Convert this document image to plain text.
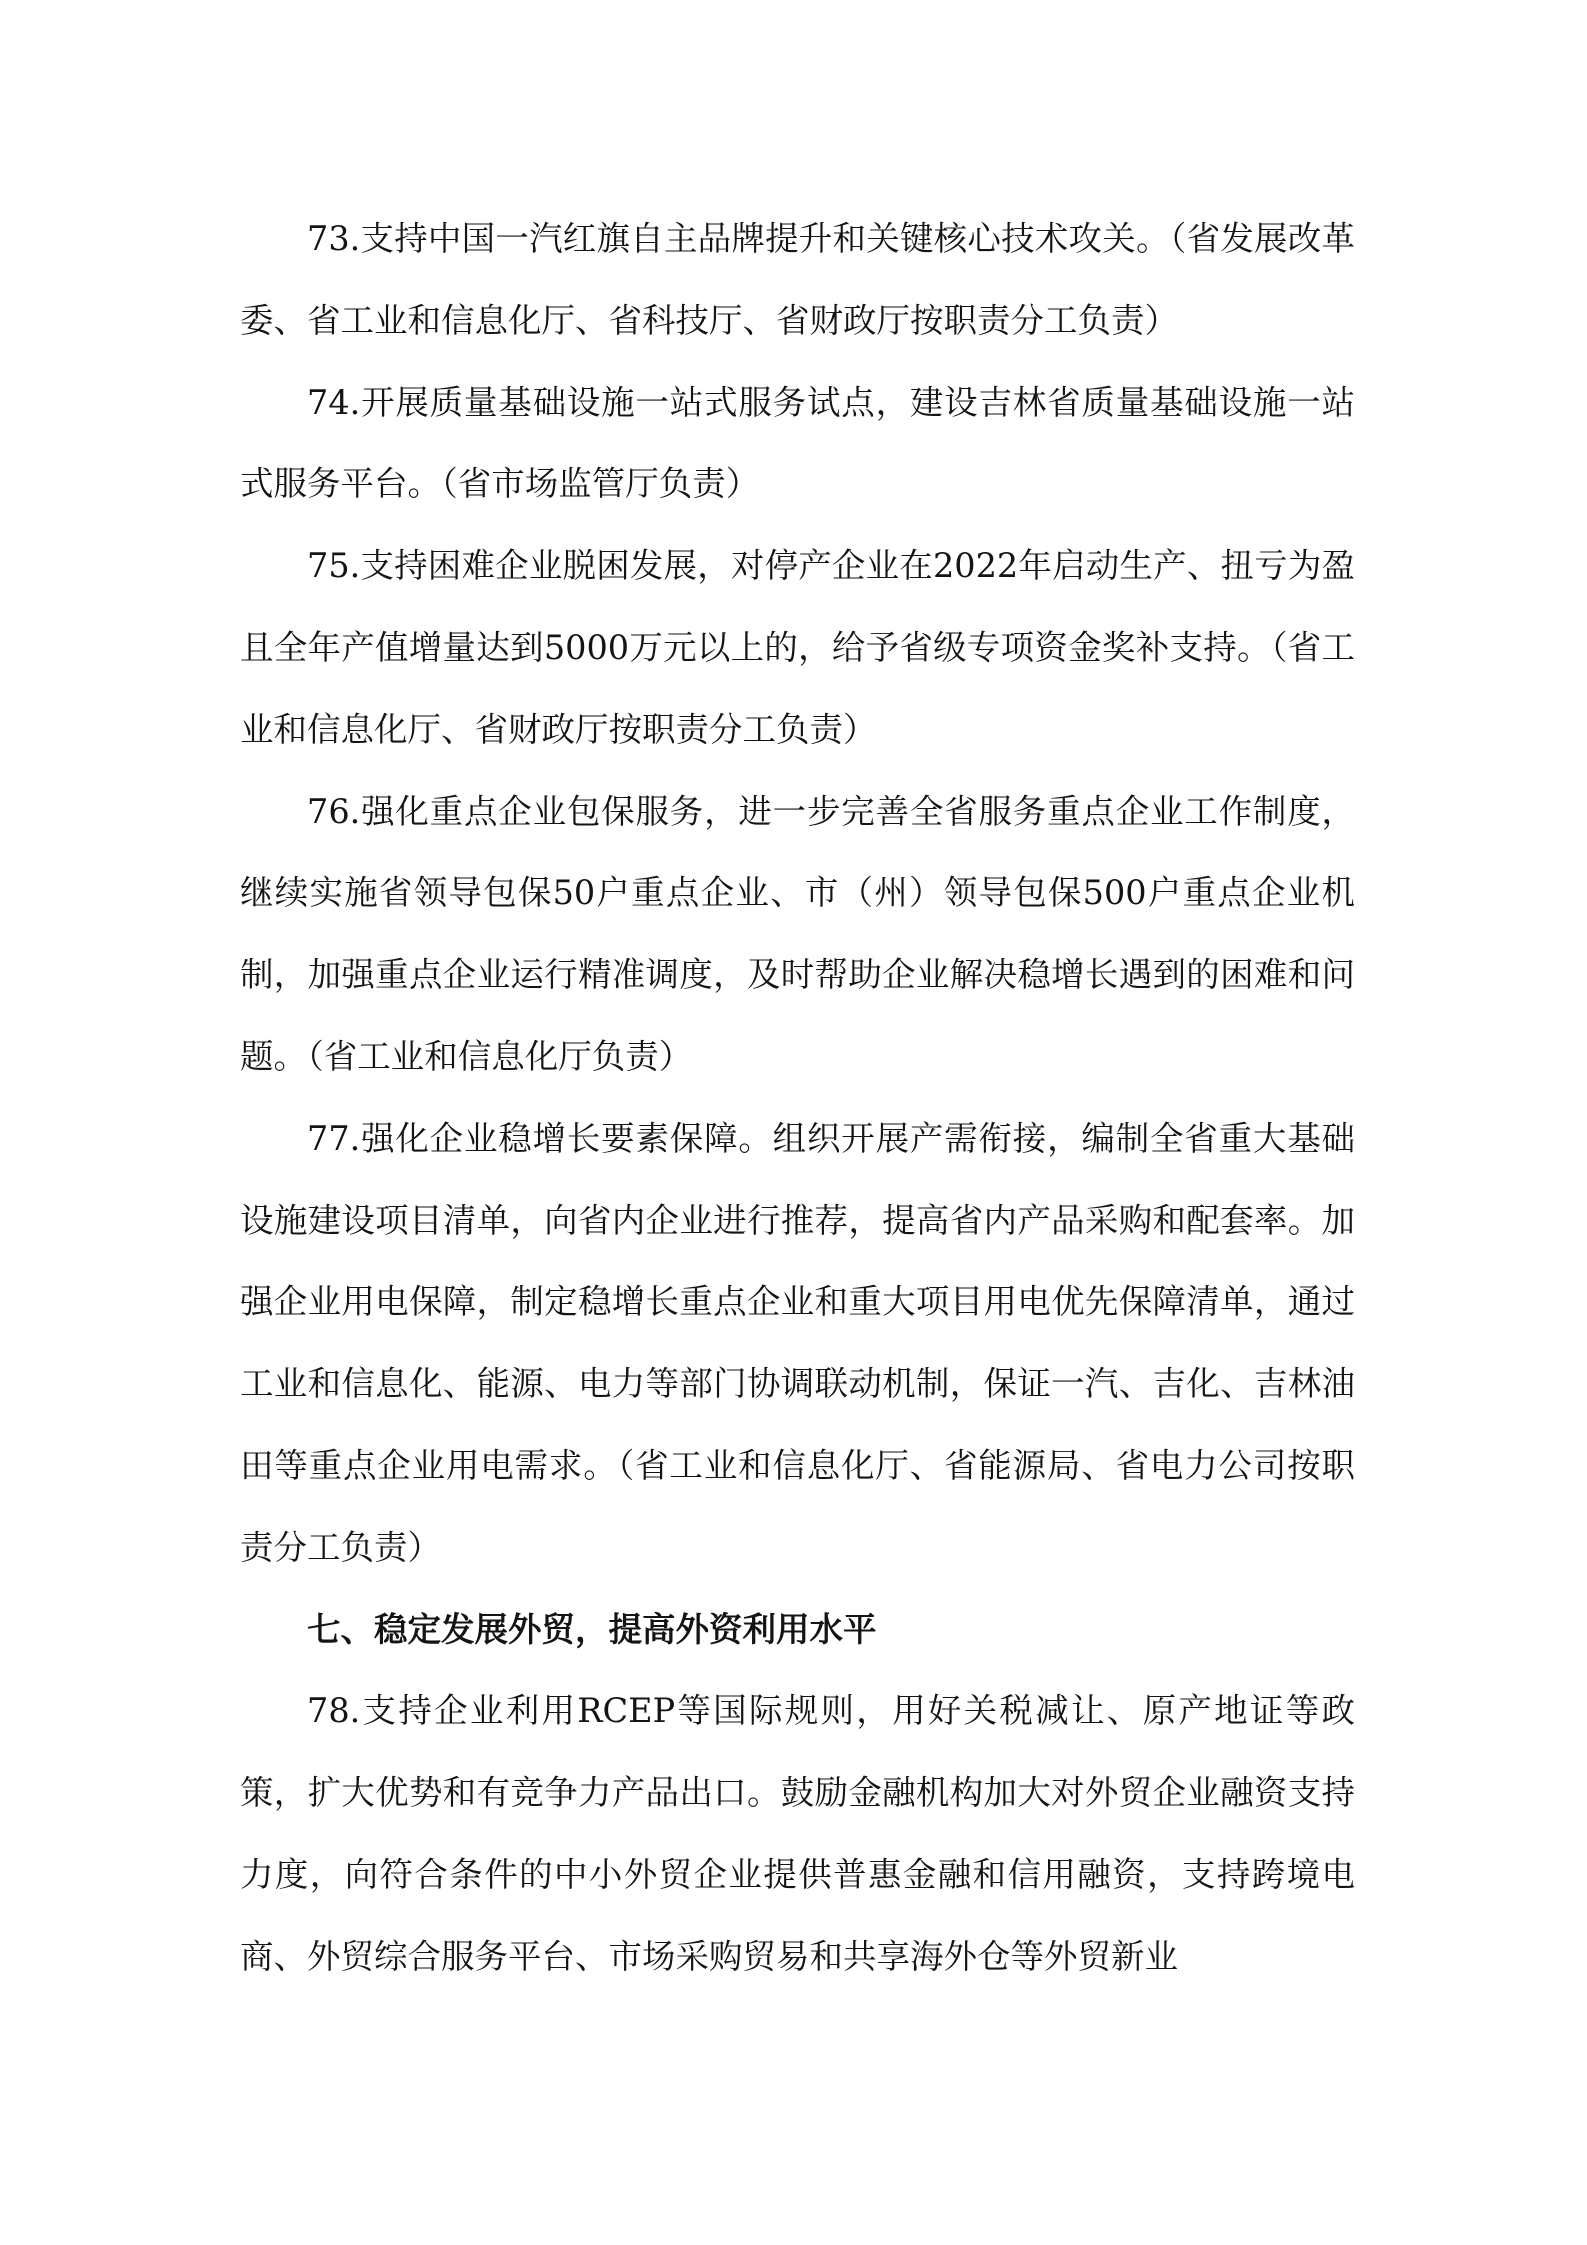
73.支持中国一汽红旗自主品牌提升和关键核心技术攻关。（省发展改革委、省工业和信息化厅、省科技厅、省财政厅按职责分工负责）

74.开展质量基础设施一站式服务试点，建设吉林省质量基础设施一站式服务平台。（省市场监管厅负责）

75.支持困难企业脱困发展，对停产企业在2022年启动生产、扭亏为盈且全年产值增量达到5000万元以上的，给予省级专项资金奖补支持。（省工业和信息化厅、省财政厅按职责分工负责）

76.强化重点企业包保服务，进一步完善全省服务重点企业工作制度，继续实施省领导包保50户重点企业、市（州）领导包保500户重点企业机制，加强重点企业运行精准调度，及时帮助企业解决稳增长遇到的困难和问题。（省工业和信息化厅负责）

77.强化企业稳增长要素保障。组织开展产需衔接，编制全省重大基础设施建设项目清单，向省内企业进行推荐，提高省内产品采购和配套率。加强企业用电保障，制定稳增长重点企业和重大项目用电优先保障清单，通过工业和信息化、能源、电力等部门协调联动机制，保证一汽、吉化、吉林油田等重点企业用电需求。（省工业和信息化厅、省能源局、省电力公司按职责分工负责）

七、稳定发展外贸，提高外资利用水平

78.支持企业利用RCEP等国际规则，用好关税减让、原产地证等政策，扩大优势和有竞争力产品出口。鼓励金融机构加大对外贸企业融资支持力度，向符合条件的中小外贸企业提供普惠金融和信用融资，支持跨境电商、外贸综合服务平台、市场采购贸易和共享海外仓等外贸新业
